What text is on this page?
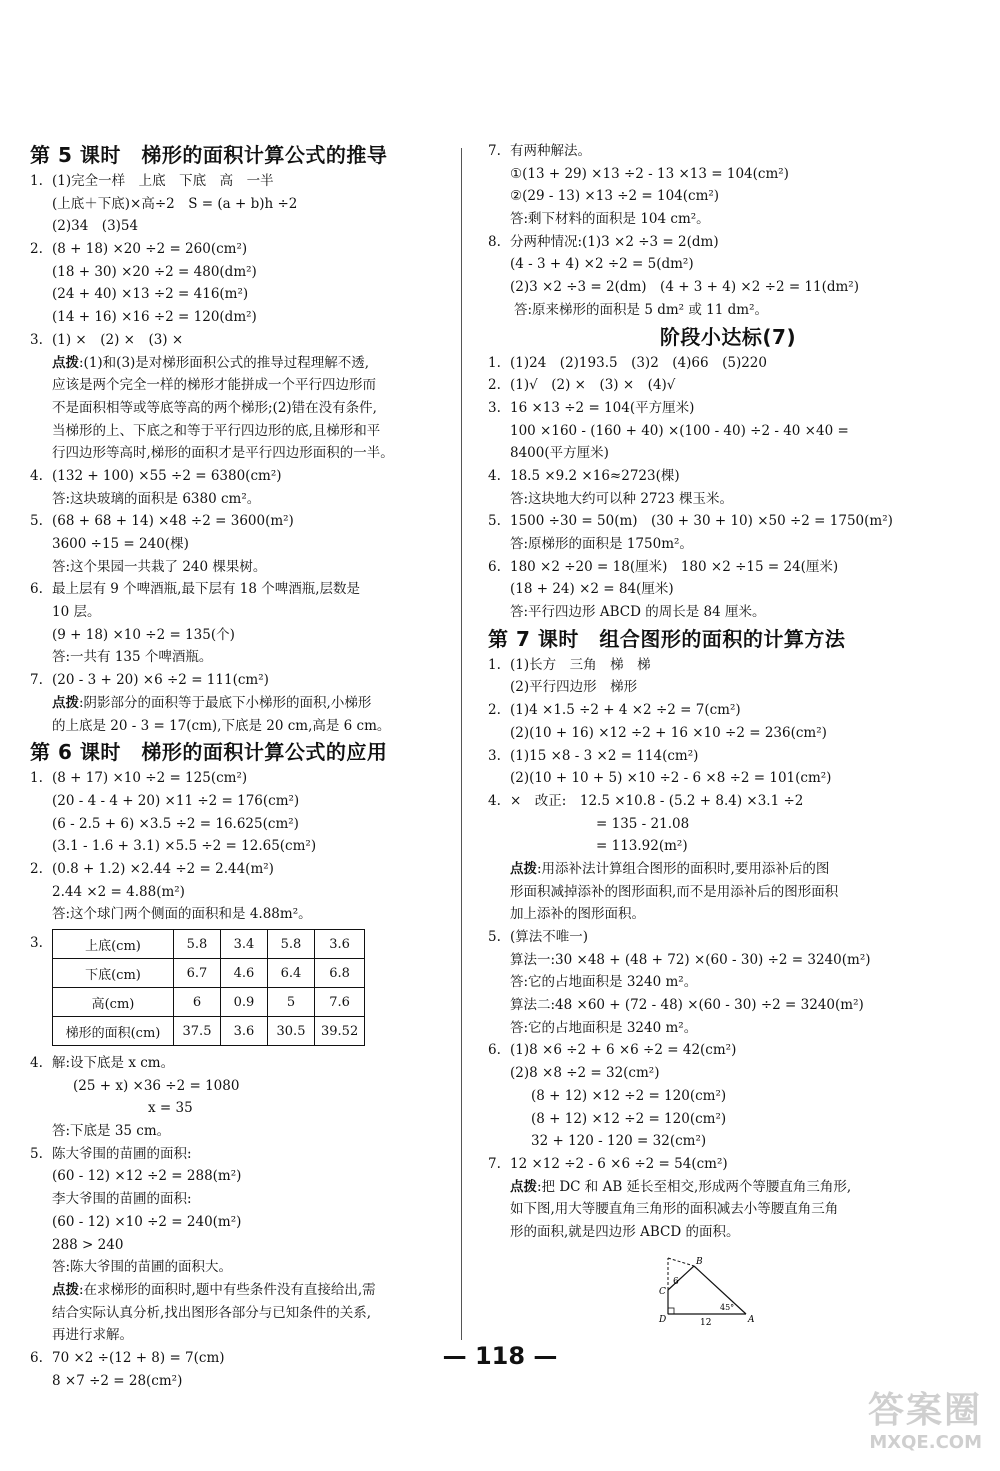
第 5 课时　梯形的面积计算公式的推导
1. (1)完全一样　上底　下底　高　一半
(上底＋下底)×高÷2　S = (a + b)h ÷2
(2)34　(3)54
2. (8 + 18) ×20 ÷2 = 260(cm²)
(18 + 30) ×20 ÷2 = 480(dm²)
(24 + 40) ×13 ÷2 = 416(m²)
(14 + 16) ×16 ÷2 = 120(dm²)
3. (1) ×　(2) ×　(3) ×
点拨:(1)和(3)是对梯形面积公式的推导过程理解不透,
应该是两个完全一样的梯形才能拼成一个平行四边形而
不是面积相等或等底等高的两个梯形;(2)错在没有条件,
当梯形的上、下底之和等于平行四边形的底,且梯形和平
行四边形等高时,梯形的面积才是平行四边形面积的一半。
4. (132 + 100) ×55 ÷2 = 6380(cm²)
答:这块玻璃的面积是 6380 cm²。
5. (68 + 68 + 14) ×48 ÷2 = 3600(m²)
3600 ÷15 = 240(棵)
答:这个果园一共栽了 240 棵果树。
6. 最上层有 9 个啤酒瓶,最下层有 18 个啤酒瓶,层数是
10 层。
(9 + 18) ×10 ÷2 = 135(个)
答:一共有 135 个啤酒瓶。
7. (20 - 3 + 20) ×6 ÷2 = 111(cm²)
点拨:阴影部分的面积等于最底下小梯形的面积,小梯形
的上底是 20 - 3 = 17(cm),下底是 20 cm,高是 6 cm。
第 6 课时　梯形的面积计算公式的应用
1. (8 + 17) ×10 ÷2 = 125(cm²)
(20 - 4 - 4 + 20) ×11 ÷2 = 176(cm²)
(6 - 2.5 + 6) ×3.5 ÷2 = 16.625(cm²)
(3.1 - 1.6 + 3.1) ×5.5 ÷2 = 12.65(cm²)
2. (0.8 + 1.2) ×2.44 ÷2 = 2.44(m²)
2.44 ×2 = 4.88(m²)
答:这个球门两个侧面的面积和是 4.88m²。
3.	上底(cm)	5.8	3.4	5.8	3.6
下底(cm)	6.7	4.6	6.4	6.8
高(cm)	6	0.9	5	7.6
梯形的面积(cm)	37.5	3.6	30.5	39.52
4. 解:设下底是 x cm。
(25 + x) ×36 ÷2 = 1080
x = 35
答:下底是 35 cm。
5. 陈大爷围的苗圃的面积:
(60 - 12) ×12 ÷2 = 288(m²)
李大爷围的苗圃的面积:
(60 - 12) ×10 ÷2 = 240(m²)
288 > 240
答:陈大爷围的苗圃的面积大。
点拨:在求梯形的面积时,题中有些条件没有直接给出,需
结合实际认真分析,找出图形各部分与已知条件的关系,
再进行求解。
6. 70 ×2 ÷(12 + 8) = 7(cm)
8 ×7 ÷2 = 28(cm²)
7. 有两种解法。
①(13 + 29) ×13 ÷2 - 13 ×13 = 104(cm²)
②(29 - 13) ×13 ÷2 = 104(cm²)
答:剩下材料的面积是 104 cm²。
8. 分两种情况:(1)3 ×2 ÷3 = 2(dm)
(4 - 3 + 4) ×2 ÷2 = 5(dm²)
(2)3 ×2 ÷3 = 2(dm)　(4 + 3 + 4) ×2 ÷2 = 11(dm²)
答:原来梯形的面积是 5 dm² 或 11 dm²。
阶段小达标(7)
1. (1)24　(2)193.5　(3)2　(4)66　(5)220
2. (1)√　(2) ×　(3) ×　(4)√
3. 16 ×13 ÷2 = 104(平方厘米)
100 ×160 - (160 + 40) ×(100 - 40) ÷2 - 40 ×40 =
8400(平方厘米)
4. 18.5 ×9.2 ×16≈2723(棵)
答:这块地大约可以种 2723 棵玉米。
5. 1500 ÷30 = 50(m)　(30 + 30 + 10) ×50 ÷2 = 1750(m²)
答:原梯形的面积是 1750m²。
6. 180 ×2 ÷20 = 18(厘米)　180 ×2 ÷15 = 24(厘米)
(18 + 24) ×2 = 84(厘米)
答:平行四边形 ABCD 的周长是 84 厘米。
第 7 课时　组合图形的面积的计算方法
1. (1)长方　三角　梯　梯
(2)平行四边形　梯形
2. (1)4 ×1.5 ÷2 + 4 ×2 ÷2 = 7(cm²)
(2)(10 + 16) ×12 ÷2 + 16 ×10 ÷2 = 236(cm²)
3. (1)15 ×8 - 3 ×2 = 114(cm²)
(2)(10 + 10 + 5) ×10 ÷2 - 6 ×8 ÷2 = 101(cm²)
4. ×　改正:　12.5 ×10.8 - (5.2 + 8.4) ×3.1 ÷2
= 135 - 21.08
= 113.92(m²)
点拨:用添补法计算组合图形的面积时,要用添补后的图
形面积减掉添补的图形面积,而不是用添补后的图形面积
加上添补的图形面积。
5. (算法不唯一)
算法一:30 ×48 + (48 + 72) ×(60 - 30) ÷2 = 3240(m²)
答:它的占地面积是 3240 m²。
算法二:48 ×60 + (72 - 48) ×(60 - 30) ÷2 = 3240(m²)
答:它的占地面积是 3240 m²。
6. (1)8 ×6 ÷2 + 6 ×6 ÷2 = 42(cm²)
(2)8 ×8 ÷2 = 32(cm²)
(8 + 12) ×12 ÷2 = 120(cm²)
(8 + 12) ×12 ÷2 = 120(cm²)
32 + 120 - 120 = 32(cm²)
7. 12 ×12 ÷2 - 6 ×6 ÷2 = 54(cm²)
点拨:把 DC 和 AB 延长至相交,形成两个等腰直角三角形,
如下图,用大等腰直角三角形的面积减去小等腰直角三角
形的面积,就是四边形 ABCD 的面积。
B
C
D	A
6
12
45°
— 118 —
答案圈
MXQE.COM
